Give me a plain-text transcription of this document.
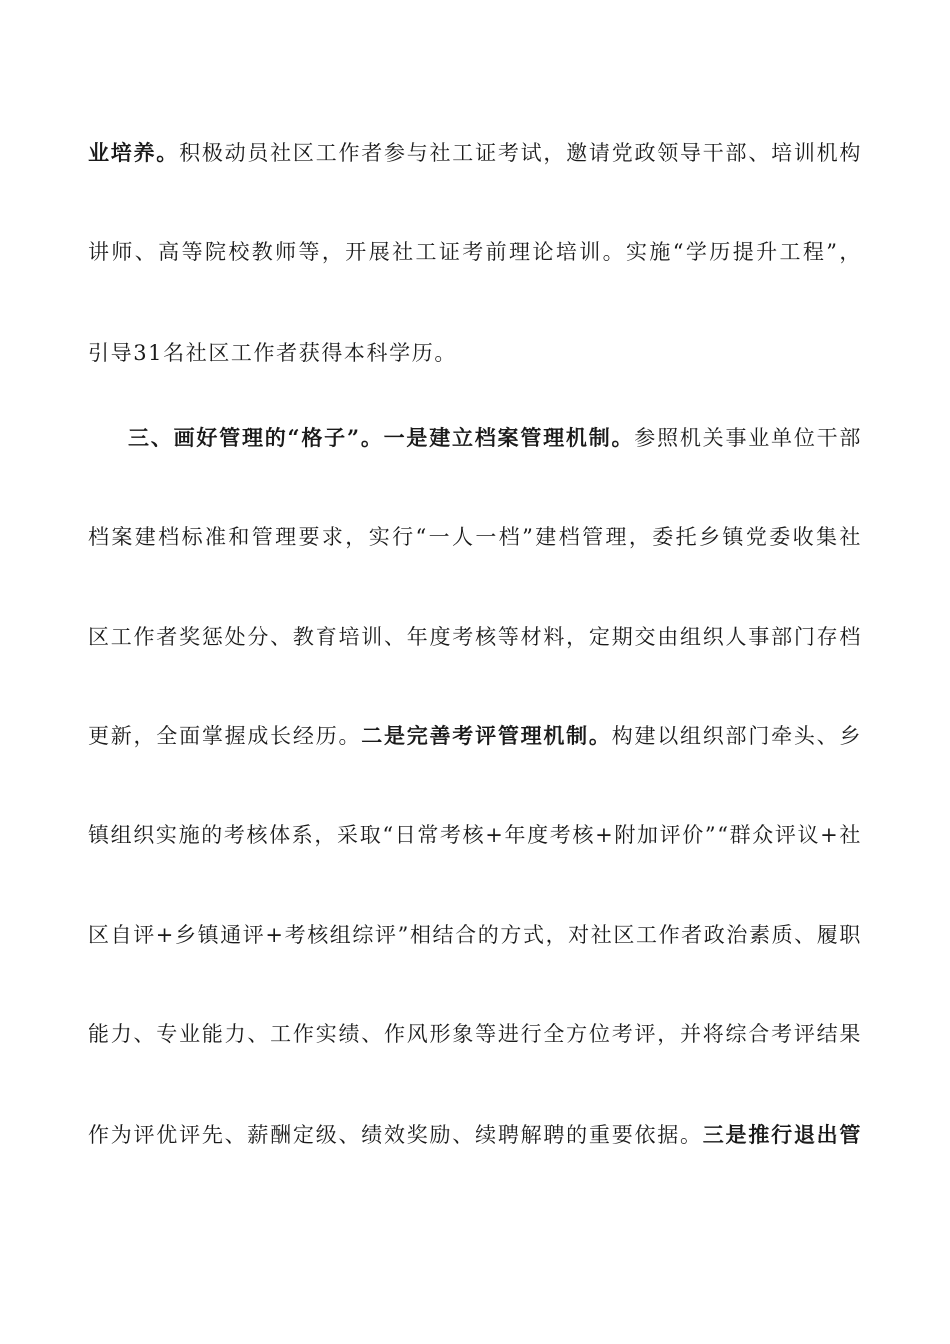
业培养。积极动员社区工作者参与社工证考试，邀请党政领导干部、培训机构
讲师、高等院校教师等，开展社工证考前理论培训。实施“学历提升工程”，
引导31名社区工作者获得本科学历。
三、画好管理的“格子”。一是建立档案管理机制。参照机关事业单位干部
档案建档标准和管理要求，实行“一人一档”建档管理，委托乡镇党委收集社
区工作者奖惩处分、教育培训、年度考核等材料，定期交由组织人事部门存档
更新，全面掌握成长经历。二是完善考评管理机制。构建以组织部门牵头、乡
镇组织实施的考核体系，采取“日常考核+年度考核+附加评价”“群众评议+社
区自评+乡镇通评+考核组综评”相结合的方式，对社区工作者政治素质、履职
能力、专业能力、工作实绩、作风形象等进行全方位考评，并将综合考评结果
作为评优评先、薪酬定级、绩效奖励、续聘解聘的重要依据。三是推行退出管
